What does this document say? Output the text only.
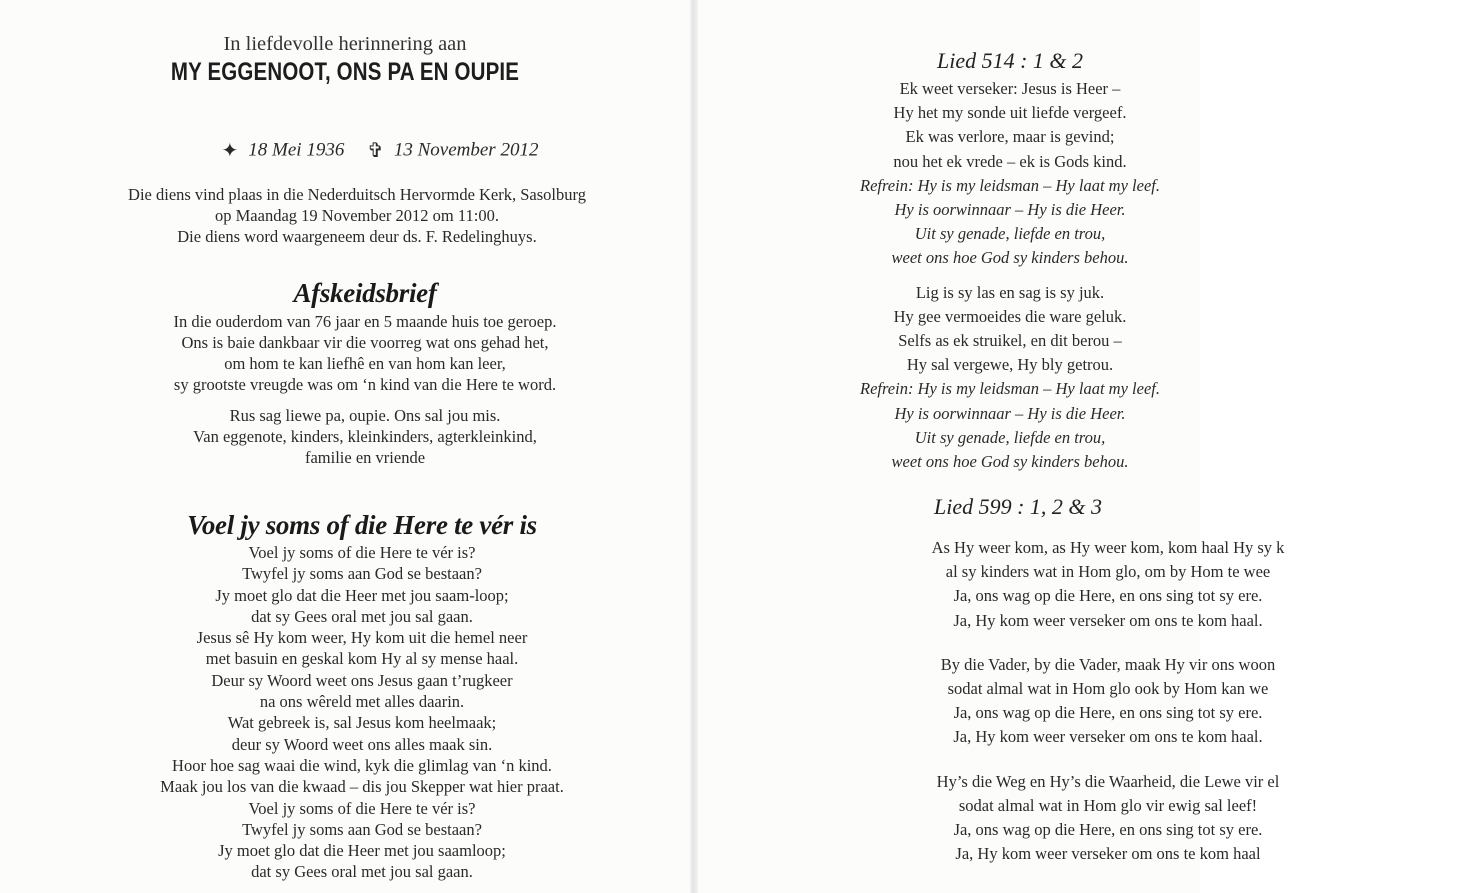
In liefdevolle herinnering aan
MY EGGENOOT, ONS PA EN OUPIE
✦ 18 Mei 1936 ✞ 13 November 2012
Die diens vind plaas in die Nederduitsch Hervormde Kerk, Sasolburg
op Maandag 19 November 2012 om 11:00.
Die diens word waargeneem deur ds. F. Redelinghuys.
Afskeidsbrief
In die ouderdom van 76 jaar en 5 maande huis toe geroep.
Ons is baie dankbaar vir die voorreg wat ons gehad het,
om hom te kan liefhê en van hom kan leer,
sy grootste vreugde was om ‘n kind van die Here te word.
Rus sag liewe pa, oupie. Ons sal jou mis.
Van eggenote, kinders, kleinkinders, agterkleinkind,
familie en vriende
Voel jy soms of die Here te vér is
Voel jy soms of die Here te vér is?
Twyfel jy soms aan God se bestaan?
Jy moet glo dat die Heer met jou saam-loop;
dat sy Gees oral met jou sal gaan.
Jesus sê Hy kom weer, Hy kom uit die hemel neer
met basuin en geskal kom Hy al sy mense haal.
Deur sy Woord weet ons Jesus gaan t’rugkeer
na ons wêreld met alles daarin.
Wat gebreek is, sal Jesus kom heelmaak;
deur sy Woord weet ons alles maak sin.
Hoor hoe sag waai die wind, kyk die glimlag van ‘n kind.
Maak jou los van die kwaad – dis jou Skepper wat hier praat.
Voel jy soms of die Here te vér is?
Twyfel jy soms aan God se bestaan?
Jy moet glo dat die Heer met jou saamloop;
dat sy Gees oral met jou sal gaan.
Lied 514 : 1 & 2
Ek weet verseker: Jesus is Heer –
Hy het my sonde uit liefde vergeef.
Ek was verlore, maar is gevind;
nou het ek vrede – ek is Gods kind.
Refrein: Hy is my leidsman – Hy laat my leef.
Hy is oorwinnaar – Hy is die Heer.
Uit sy genade, liefde en trou,
weet ons hoe God sy kinders behou.
Lig is sy las en sag is sy juk.
Hy gee vermoeides die ware geluk.
Selfs as ek struikel, en dit berou –
Hy sal vergewe, Hy bly getrou.
Refrein: Hy is my leidsman – Hy laat my leef.
Hy is oorwinnaar – Hy is die Heer.
Uit sy genade, liefde en trou,
weet ons hoe God sy kinders behou.
Lied 599 : 1, 2 & 3
As Hy weer kom, as Hy weer kom, kom haal Hy sy k
al sy kinders wat in Hom glo, om by Hom te wee
Ja, ons wag op die Here, en ons sing tot sy ere.
Ja, Hy kom weer verseker om ons te kom haal.
By die Vader, by die Vader, maak Hy vir ons woon
sodat almal wat in Hom glo ook by Hom kan we
Ja, ons wag op die Here, en ons sing tot sy ere.
Ja, Hy kom weer verseker om ons te kom haal.
Hy’s die Weg en Hy’s die Waarheid, die Lewe vir el
sodat almal wat in Hom glo vir ewig sal leef!
Ja, ons wag op die Here, en ons sing tot sy ere.
Ja, Hy kom weer verseker om ons te kom haal
